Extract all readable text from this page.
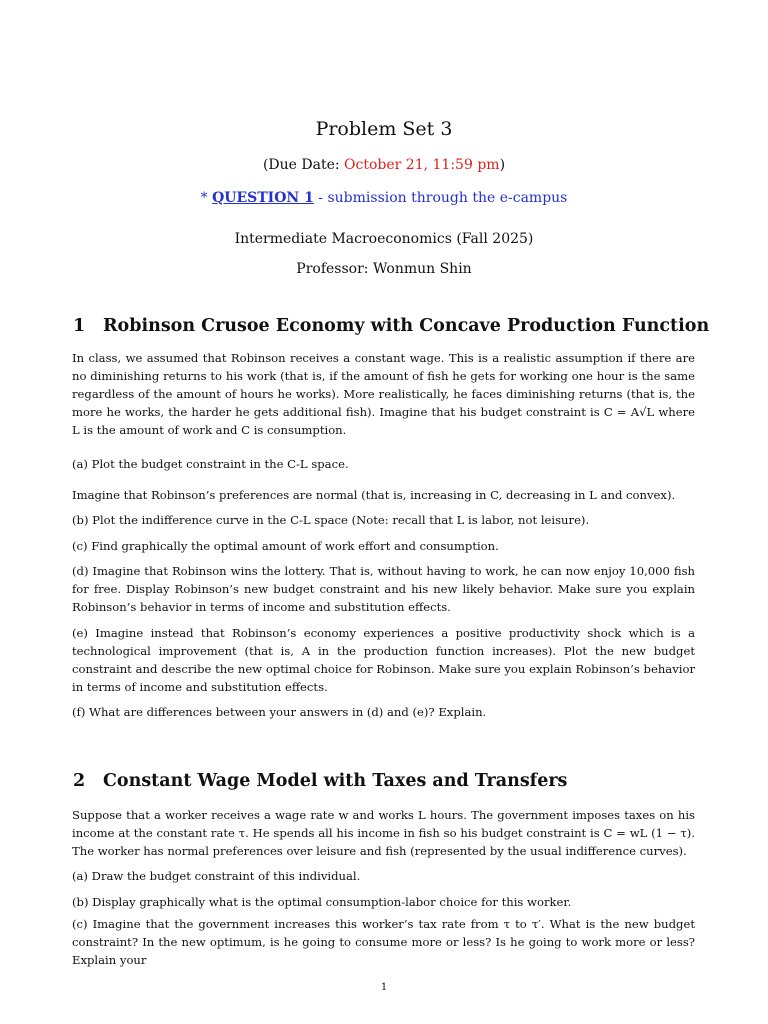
Problem Set 3
(Due Date: October 21, 11:59 pm)
* QUESTION 1 - submission through the e-campus
Intermediate Macroeconomics (Fall 2025)
Professor: Wonmun Shin
1 Robinson Crusoe Economy with Concave Production Function

In class, we assumed that Robinson receives a constant wage. This is a realistic assumption if there are no diminishing returns to his work (that is, if the amount of fish he gets for working one hour is the same regardless of the amount of hours he works). More realistically, he faces diminishing returns (that is, the more he works, the harder he gets additional fish). Imagine that his budget constraint is C = A√L where L is the amount of work and C is consumption.

(a) Plot the budget constraint in the C-L space.

Imagine that Robinson’s preferences are normal (that is, increasing in C, decreasing in L and convex).

(b) Plot the indifference curve in the C-L space (Note: recall that L is labor, not leisure).

(c) Find graphically the optimal amount of work effort and consumption.

(d) Imagine that Robinson wins the lottery. That is, without having to work, he can now enjoy 10,000 fish for free. Display Robinson’s new budget constraint and his new likely behavior. Make sure you explain Robinson’s behavior in terms of income and substitution effects.

(e) Imagine instead that Robinson’s economy experiences a positive productivity shock which is a technological improvement (that is, A in the production function increases). Plot the new budget constraint and describe the new optimal choice for Robinson. Make sure you explain Robinson’s behavior in terms of income and substitution effects.

(f) What are differences between your answers in (d) and (e)? Explain.

2 Constant Wage Model with Taxes and Transfers

Suppose that a worker receives a wage rate w and works L hours. The government imposes taxes on his income at the constant rate τ. He spends all his income in fish so his budget constraint is C = wL (1 − τ). The worker has normal preferences over leisure and fish (represented by the usual indifference curves).

(a) Draw the budget constraint of this individual.

(b) Display graphically what is the optimal consumption-labor choice for this worker.

(c) Imagine that the government increases this worker’s tax rate from τ to τ′. What is the new budget constraint? In the new optimum, is he going to consume more or less? Is he going to work more or less? Explain your

1
